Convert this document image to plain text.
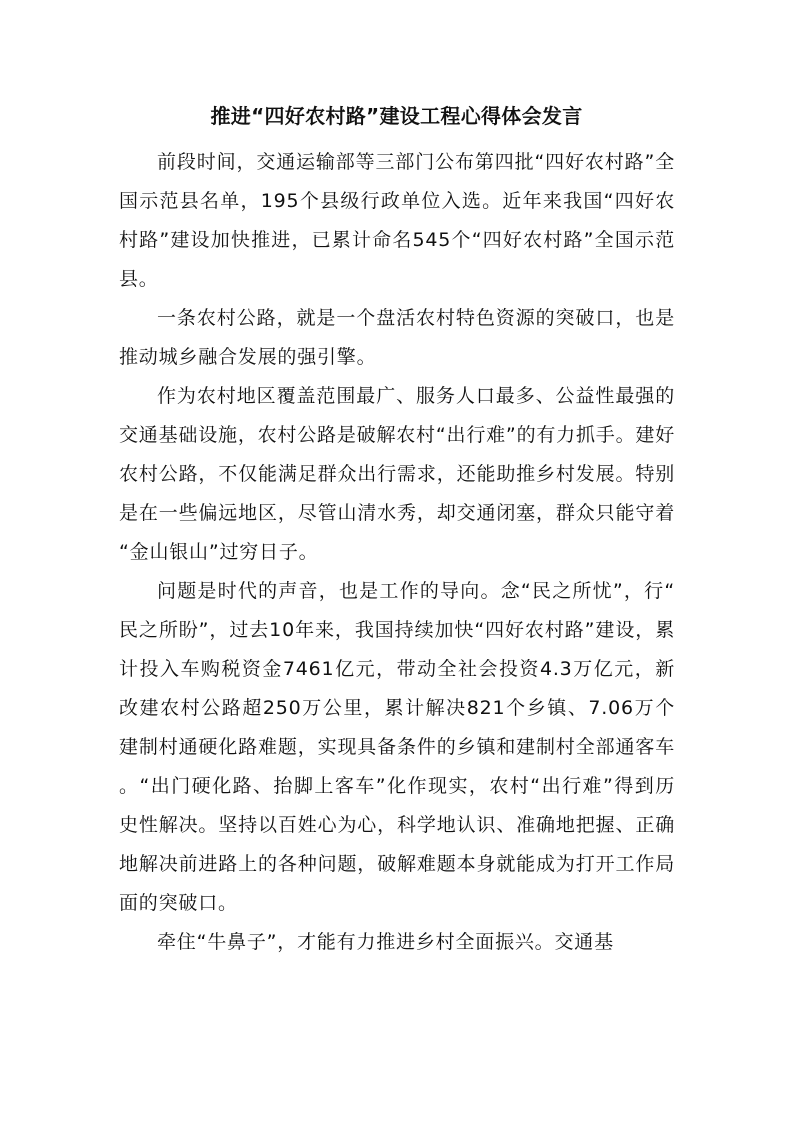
推进“四好农村路”建设工程心得体会发言

前段时间，交通运输部等三部门公布第四批“四好农村路”全国示范县名单，195个县级行政单位入选。近年来我国“四好农村路”建设加快推进，已累计命名545个“四好农村路”全国示范县。

一条农村公路，就是一个盘活农村特色资源的突破口，也是推动城乡融合发展的强引擎。

作为农村地区覆盖范围最广、服务人口最多、公益性最强的交通基础设施，农村公路是破解农村“出行难”的有力抓手。建好农村公路，不仅能满足群众出行需求，还能助推乡村发展。特别是在一些偏远地区，尽管山清水秀，却交通闭塞，群众只能守着“金山银山”过穷日子。

问题是时代的声音，也是工作的导向。念“民之所忧”，行“民之所盼”，过去10年来，我国持续加快“四好农村路”建设，累计投入车购税资金7461亿元，带动全社会投资4.3万亿元，新改建农村公路超250万公里，累计解决821个乡镇、7.06万个建制村通硬化路难题，实现具备条件的乡镇和建制村全部通客车。“出门硬化路、抬脚上客车”化作现实，农村“出行难”得到历史性解决。坚持以百姓心为心，科学地认识、准确地把握、正确地解决前进路上的各种问题，破解难题本身就能成为打开工作局面的突破口。

牵住“牛鼻子”，才能有力推进乡村全面振兴。交通基
